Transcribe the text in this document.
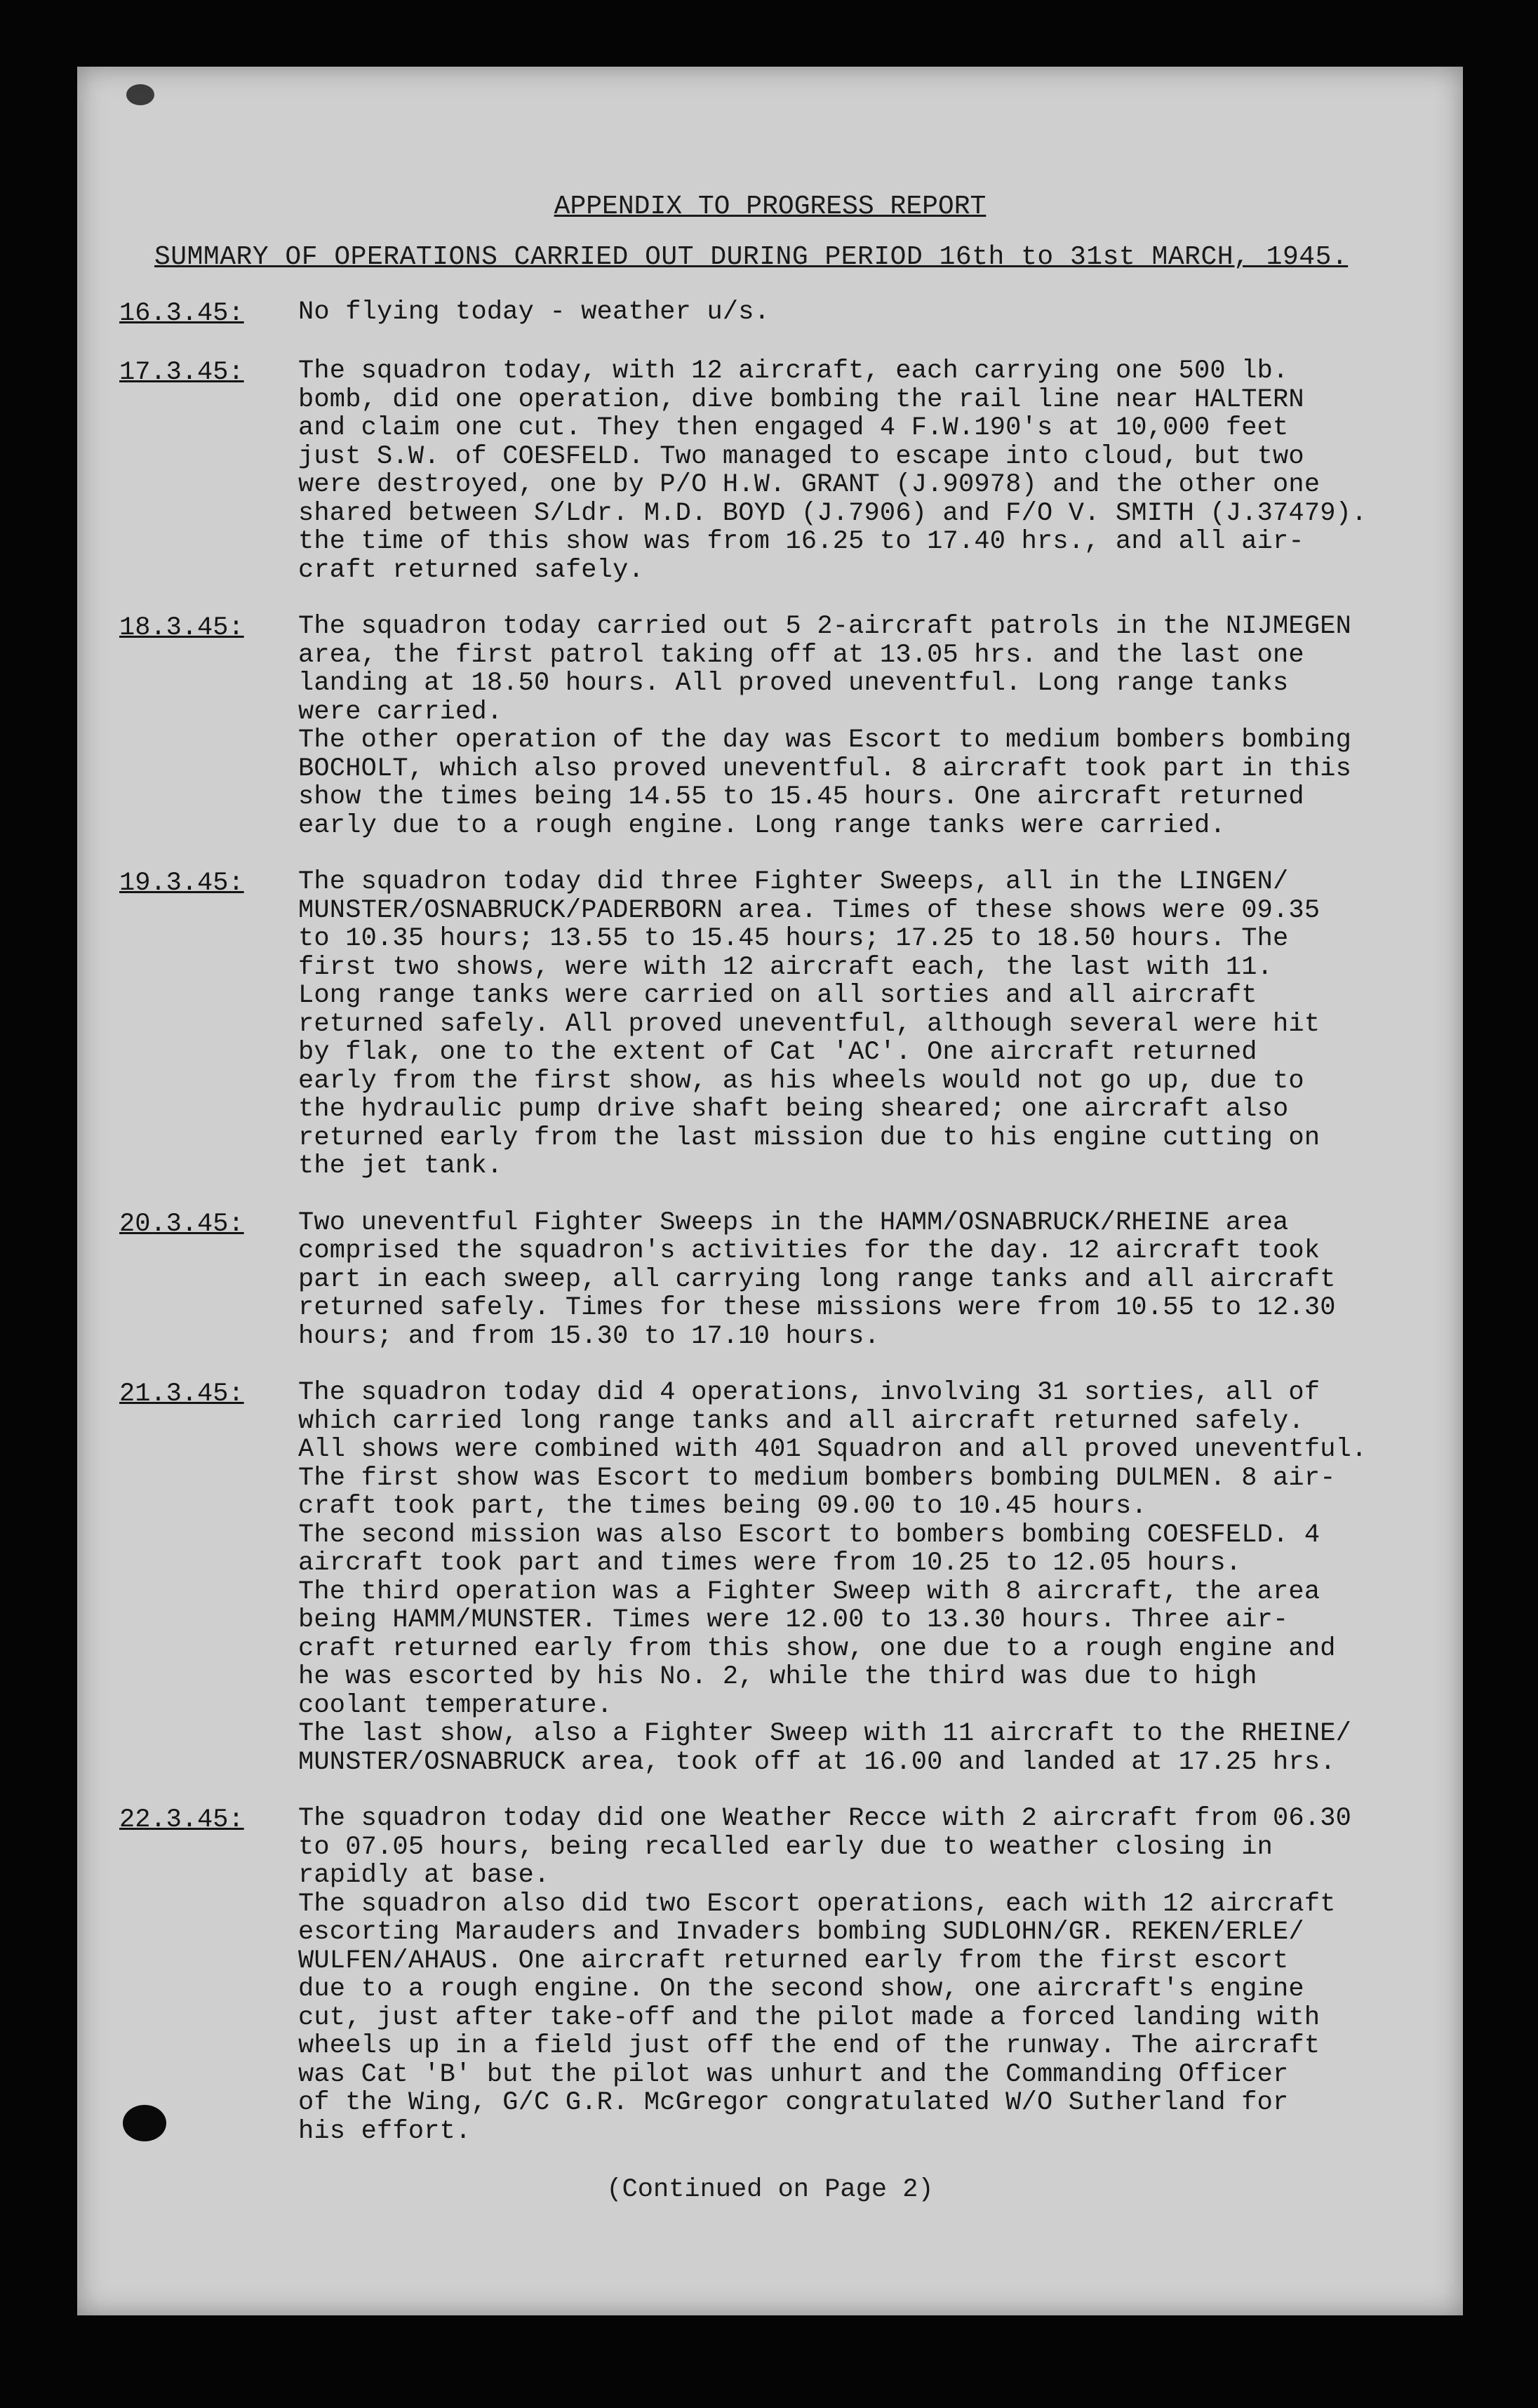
APPENDIX TO PROGRESS REPORT
SUMMARY OF OPERATIONS CARRIED OUT DURING PERIOD 16th to 31st MARCH, 1945.
16.3.45:	No flying today - weather u/s.
17.3.45:	The squadron today, with 12 aircraft, each carrying one 500 lb.
bomb, did one operation, dive bombing the rail line near HALTERN
and claim one cut. They then engaged 4 F.W.190's at 10,000 feet
just S.W. of COESFELD. Two managed to escape into cloud, but two
were destroyed, one by P/O H.W. GRANT (J.90978) and the other one
shared between S/Ldr. M.D. BOYD (J.7906) and F/O V. SMITH (J.37479).
the time of this show was from 16.25 to 17.40 hrs., and all air-
craft returned safely.
18.3.45:	The squadron today carried out 5 2-aircraft patrols in the NIJMEGEN
area, the first patrol taking off at 13.05 hrs. and the last one
landing at 18.50 hours. All proved uneventful. Long range tanks
were carried.
The other operation of the day was Escort to medium bombers bombing
BOCHOLT, which also proved uneventful. 8 aircraft took part in this
show the times being 14.55 to 15.45 hours. One aircraft returned
early due to a rough engine. Long range tanks were carried.
19.3.45:	The squadron today did three Fighter Sweeps, all in the LINGEN/
MUNSTER/OSNABRUCK/PADERBORN area. Times of these shows were 09.35
to 10.35 hours; 13.55 to 15.45 hours; 17.25 to 18.50 hours. The
first two shows, were with 12 aircraft each, the last with 11.
Long range tanks were carried on all sorties and all aircraft
returned safely. All proved uneventful, although several were hit
by flak, one to the extent of Cat 'AC'. One aircraft returned
early from the first show, as his wheels would not go up, due to
the hydraulic pump drive shaft being sheared; one aircraft also
returned early from the last mission due to his engine cutting on
the jet tank.
20.3.45:	Two uneventful Fighter Sweeps in the HAMM/OSNABRUCK/RHEINE area
comprised the squadron's activities for the day. 12 aircraft took
part in each sweep, all carrying long range tanks and all aircraft
returned safely. Times for these missions were from 10.55 to 12.30
hours; and from 15.30 to 17.10 hours.
21.3.45:	The squadron today did 4 operations, involving 31 sorties, all of
which carried long range tanks and all aircraft returned safely.
All shows were combined with 401 Squadron and all proved uneventful.
The first show was Escort to medium bombers bombing DULMEN. 8 air-
craft took part, the times being 09.00 to 10.45 hours.
The second mission was also Escort to bombers bombing COESFELD. 4
aircraft took part and times were from 10.25 to 12.05 hours.
The third operation was a Fighter Sweep with 8 aircraft, the area
being HAMM/MUNSTER. Times were 12.00 to 13.30 hours. Three air-
craft returned early from this show, one due to a rough engine and
he was escorted by his No. 2, while the third was due to high
coolant temperature.
The last show, also a Fighter Sweep with 11 aircraft to the RHEINE/
MUNSTER/OSNABRUCK area, took off at 16.00 and landed at 17.25 hrs.
22.3.45:	The squadron today did one Weather Recce with 2 aircraft from 06.30
to 07.05 hours, being recalled early due to weather closing in
rapidly at base.
The squadron also did two Escort operations, each with 12 aircraft
escorting Marauders and Invaders bombing SUDLOHN/GR. REKEN/ERLE/
WULFEN/AHAUS. One aircraft returned early from the first escort
due to a rough engine. On the second show, one aircraft's engine
cut, just after take-off and the pilot made a forced landing with
wheels up in a field just off the end of the runway. The aircraft
was Cat 'B' but the pilot was unhurt and the Commanding Officer
of the Wing, G/C G.R. McGregor congratulated W/O Sutherland for
his effort.
(Continued on Page 2)
